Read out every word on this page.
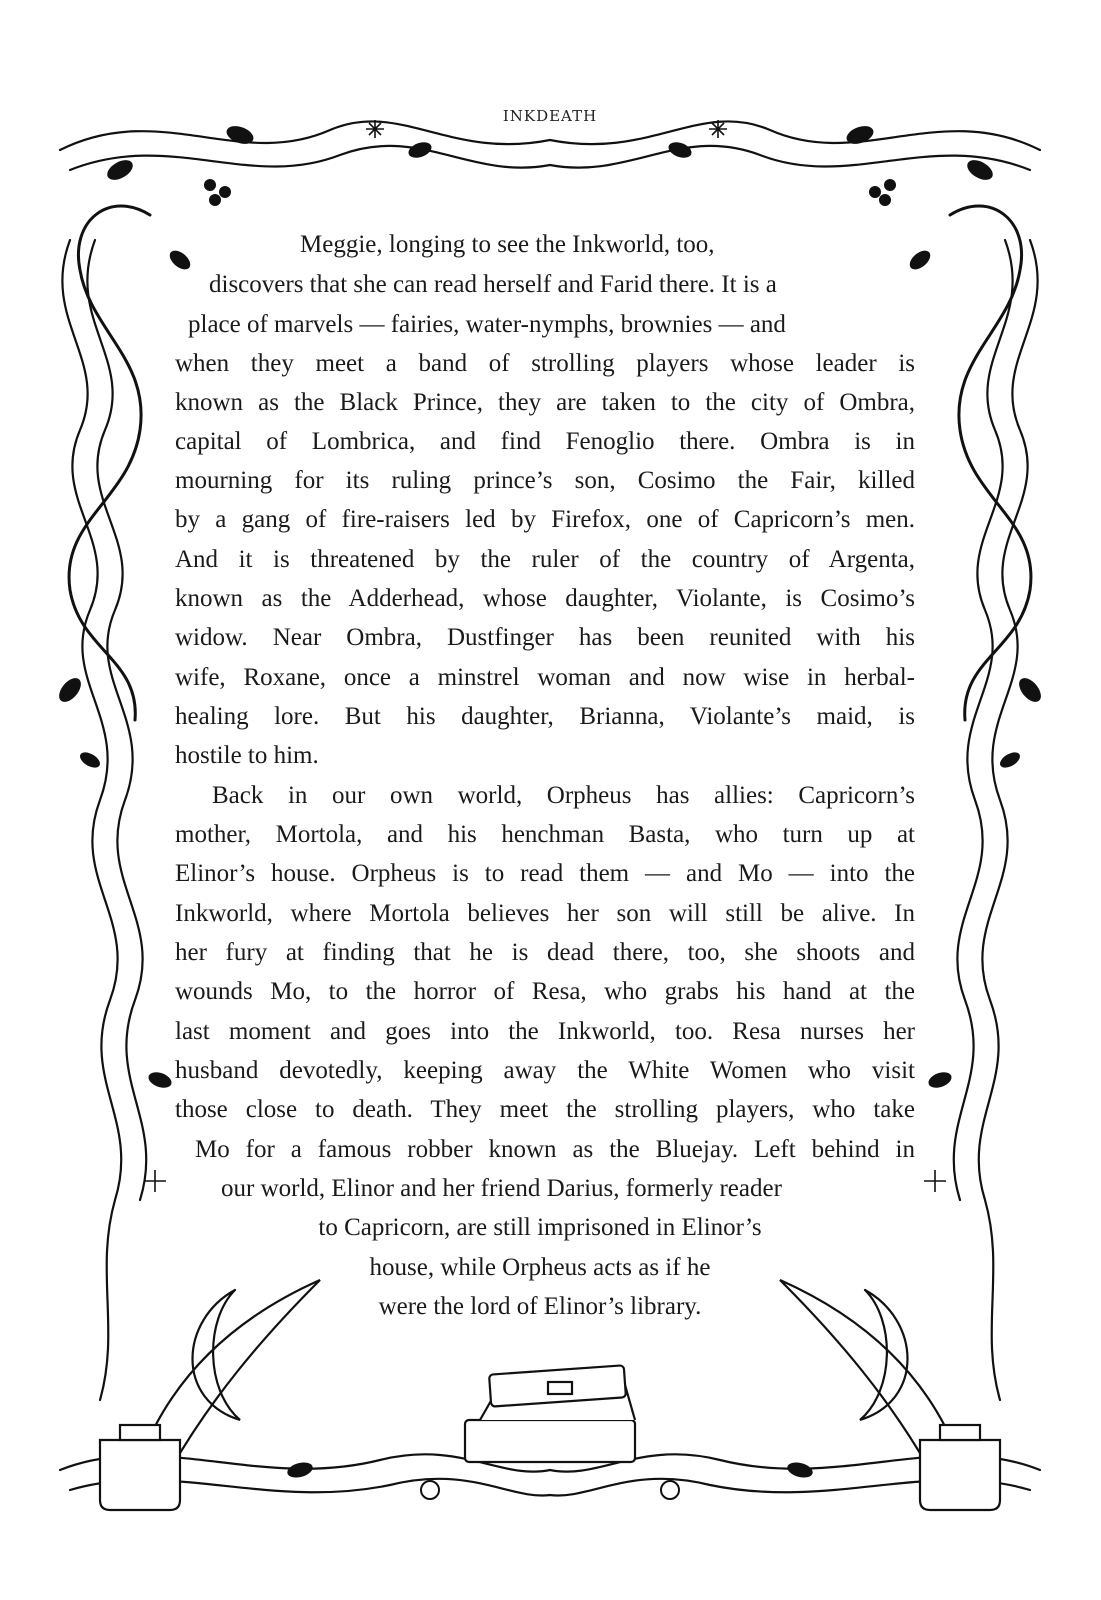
INKDEATH
Meggie, longing to see the Inkworld, too,
discovers that she can read herself and Farid there. It is a
place of marvels — fairies, water-nymphs, brownies — and
when they meet a band of strolling players whose leader is
known as the Black Prince, they are taken to the city of Ombra,
capital of Lombrica, and find Fenoglio there. Ombra is in
mourning for its ruling prince’s son, Cosimo the Fair, killed
by a gang of fire-raisers led by Firefox, one of Capricorn’s men.
And it is threatened by the ruler of the country of Argenta,
known as the Adderhead, whose daughter, Violante, is Cosimo’s
widow. Near Ombra, Dustfinger has been reunited with his
wife, Roxane, once a minstrel woman and now wise in herbal-
healing lore. But his daughter, Brianna, Violante’s maid, is
hostile to him.
Back in our own world, Orpheus has allies: Capricorn’s
mother, Mortola, and his henchman Basta, who turn up at
Elinor’s house. Orpheus is to read them — and Mo — into the
Inkworld, where Mortola believes her son will still be alive. In
her fury at finding that he is dead there, too, she shoots and
wounds Mo, to the horror of Resa, who grabs his hand at the
last moment and goes into the Inkworld, too. Resa nurses her
husband devotedly, keeping away the White Women who visit
those close to death. They meet the strolling players, who take
Mo for a famous robber known as the Bluejay. Left behind in
our world, Elinor and her friend Darius, formerly reader
to Capricorn, are still imprisoned in Elinor’s
house, while Orpheus acts as if he
were the lord of Elinor’s library.
